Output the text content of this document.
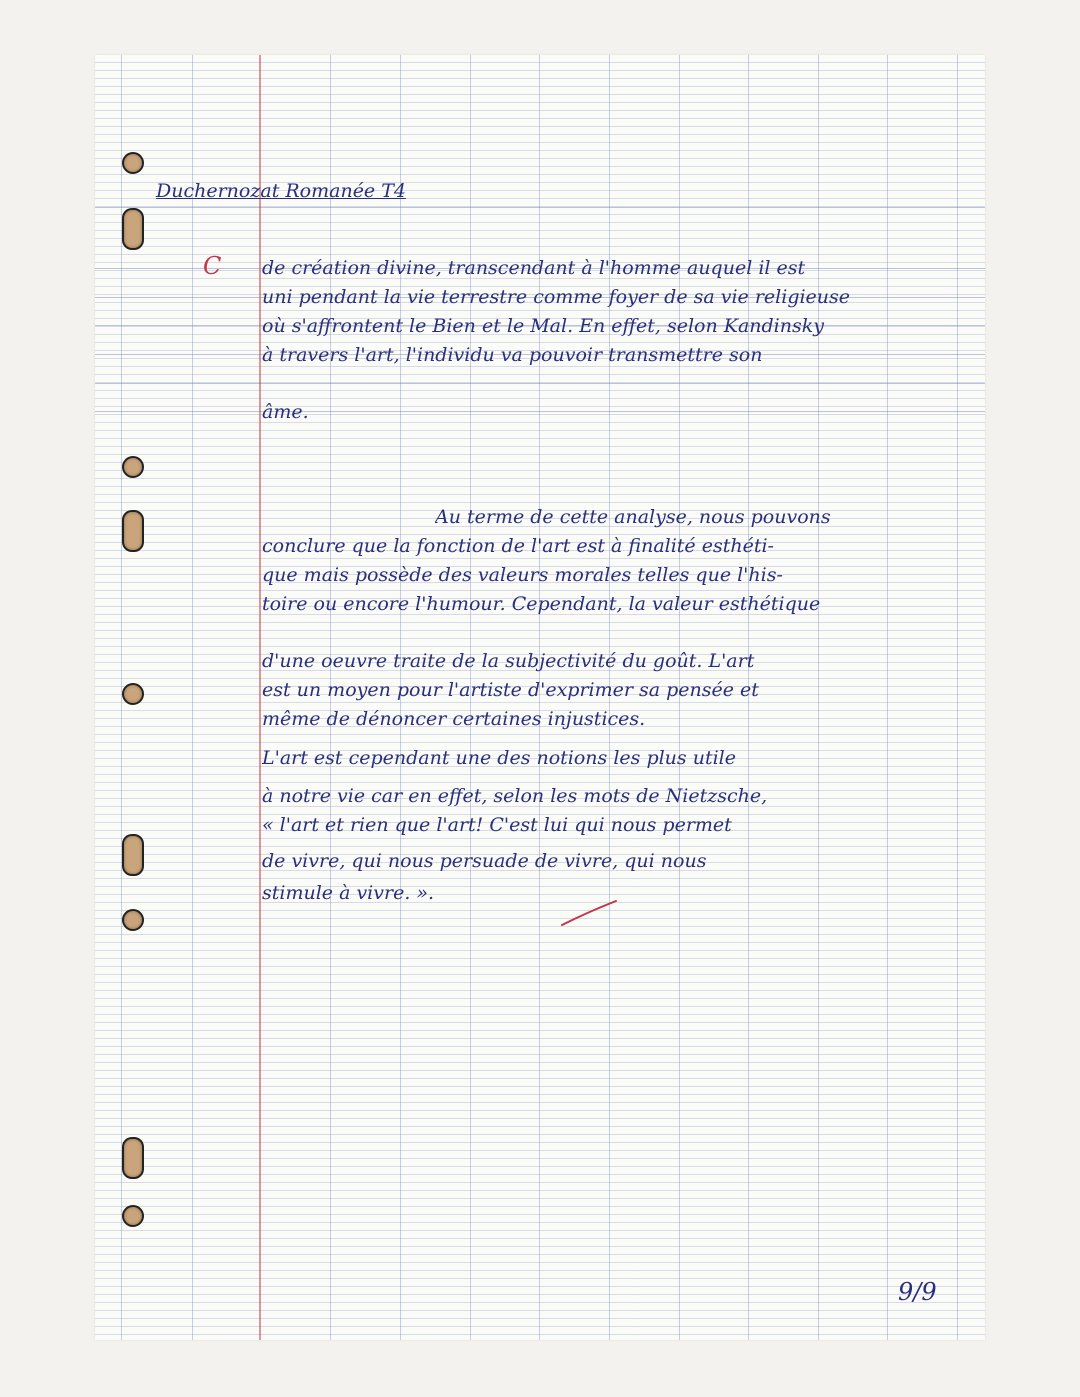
Duchernozat Romanée T4
C de création divine, transcendant à l'homme auquel il est
uni pendant la vie terrestre comme foyer de sa vie religieuse
où s'affrontent le Bien et le Mal. En effet, selon Kandinsky
à travers l'art, l'individu va pouvoir transmettre son
âme.
Au terme de cette analyse, nous pouvons
conclure que la fonction de l'art est à finalité esthéti-
que mais possède des valeurs morales telles que l'his-
toire ou encore l'humour. Cependant, la valeur esthétique
d'une oeuvre traite de la subjectivité du goût. L'art
est un moyen pour l'artiste d'exprimer sa pensée et
même de dénoncer certaines injustices.
L'art est cependant une des notions les plus utile
à notre vie car en effet, selon les mots de Nietzsche,
« l'art et rien que l'art! C'est lui qui nous permet
de vivre, qui nous persuade de vivre, qui nous
stimule à vivre. ».
9/9
